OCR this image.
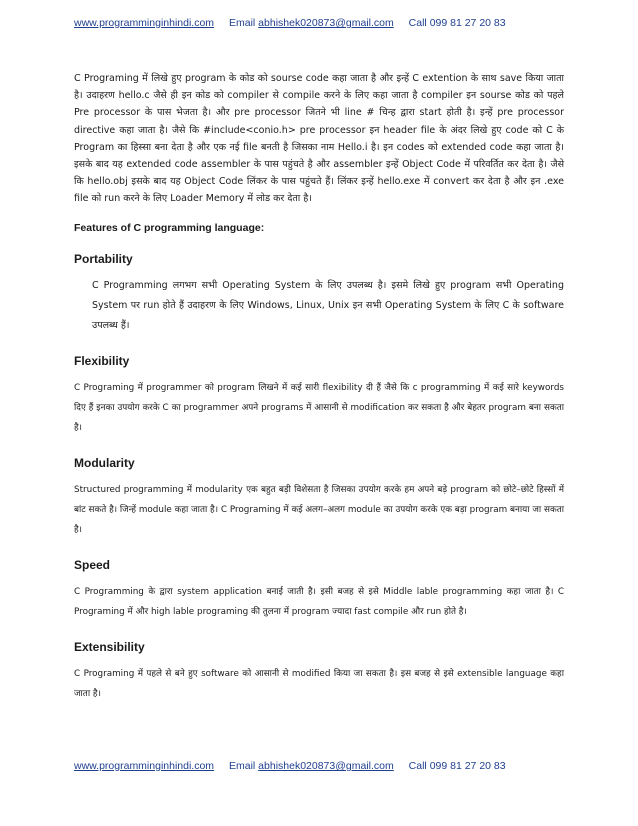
www.programminginhindi.com Email abhishek020873@gmail.com Call 099 81 27 20 83

C Programing में लिखे हुए program के कोड को sourse code कहा जाता है और इन्हें C extention के साथ save किया जाता है। उदाहरण hello.c जैसे ही इन कोड को compiler से compile करने के लिए कहा जाता है compiler इन sourse कोड को पहले Pre processor के पास भेजता है। और pre processor जितने भी line # चिन्ह द्वारा start होती है। इन्हें pre processor directive कहा जाता है। जैसे कि #include<conio.h> pre processor इन header file के अंदर लिखे हुए code को C के Program का हिस्सा बना देता है और एक नई file बनती है जिसका नाम Hello.i है। इन codes को extended code कहा जाता है। इसके बाद यह extended code assembler के पास पहुंचते है और assembler इन्हें Object Code में परिवर्तित कर देता है। जैसे कि hello.obj इसके बाद यह Object Code लिंकर के पास पहुंचते हैं। लिंकर इन्हें hello.exe में convert कर देता है और इन .exe file को run करने के लिए Loader Memory में लोड कर देता है।

Features of C programming language:

Portability

C Programming लगभग सभी Operating System के लिए उपलब्ध है। इसमे लिखे हुए program सभी Operating System पर run होते हैं उदाहरण के लिए Windows, Linux, Unix इन सभी Operating System के लिए C के software उपलब्ध हैं।

Flexibility

C Programing में programmer को program लिखने में कई सारी flexibility दी हैं जैसे कि c programming में कई सारे keywords दिए हैं इनका उपयोग करके C का programmer अपने programs में आसानी से modification कर सकता है और बेहतर program बना सकता है।

Modularity

Structured programming में modularity एक बहुत बड़ी विशेसता है जिसका उपयोग करके हम अपने बड़े program को छोटे–छोटे हिस्सों में बांट सकते है। जिन्हें module कहा जाता है। C Programing में कई अलग–अलग module का उपयोग करके एक बड़ा program बनाया जा सकता है।

Speed

C Programming के द्वारा system application बनाई जाती है। इसी बजह से इसे Middle lable programming कहा जाता है। C Programing में और high lable programing की तुलना में program ज्यादा fast compile और run होते है।

Extensibility

C Programing में पहले से बने हुए software को आसानी से modified किया जा सकता है। इस बजह से इसे extensible language कहा जाता है।

www.programminginhindi.com Email abhishek020873@gmail.com Call 099 81 27 20 83
